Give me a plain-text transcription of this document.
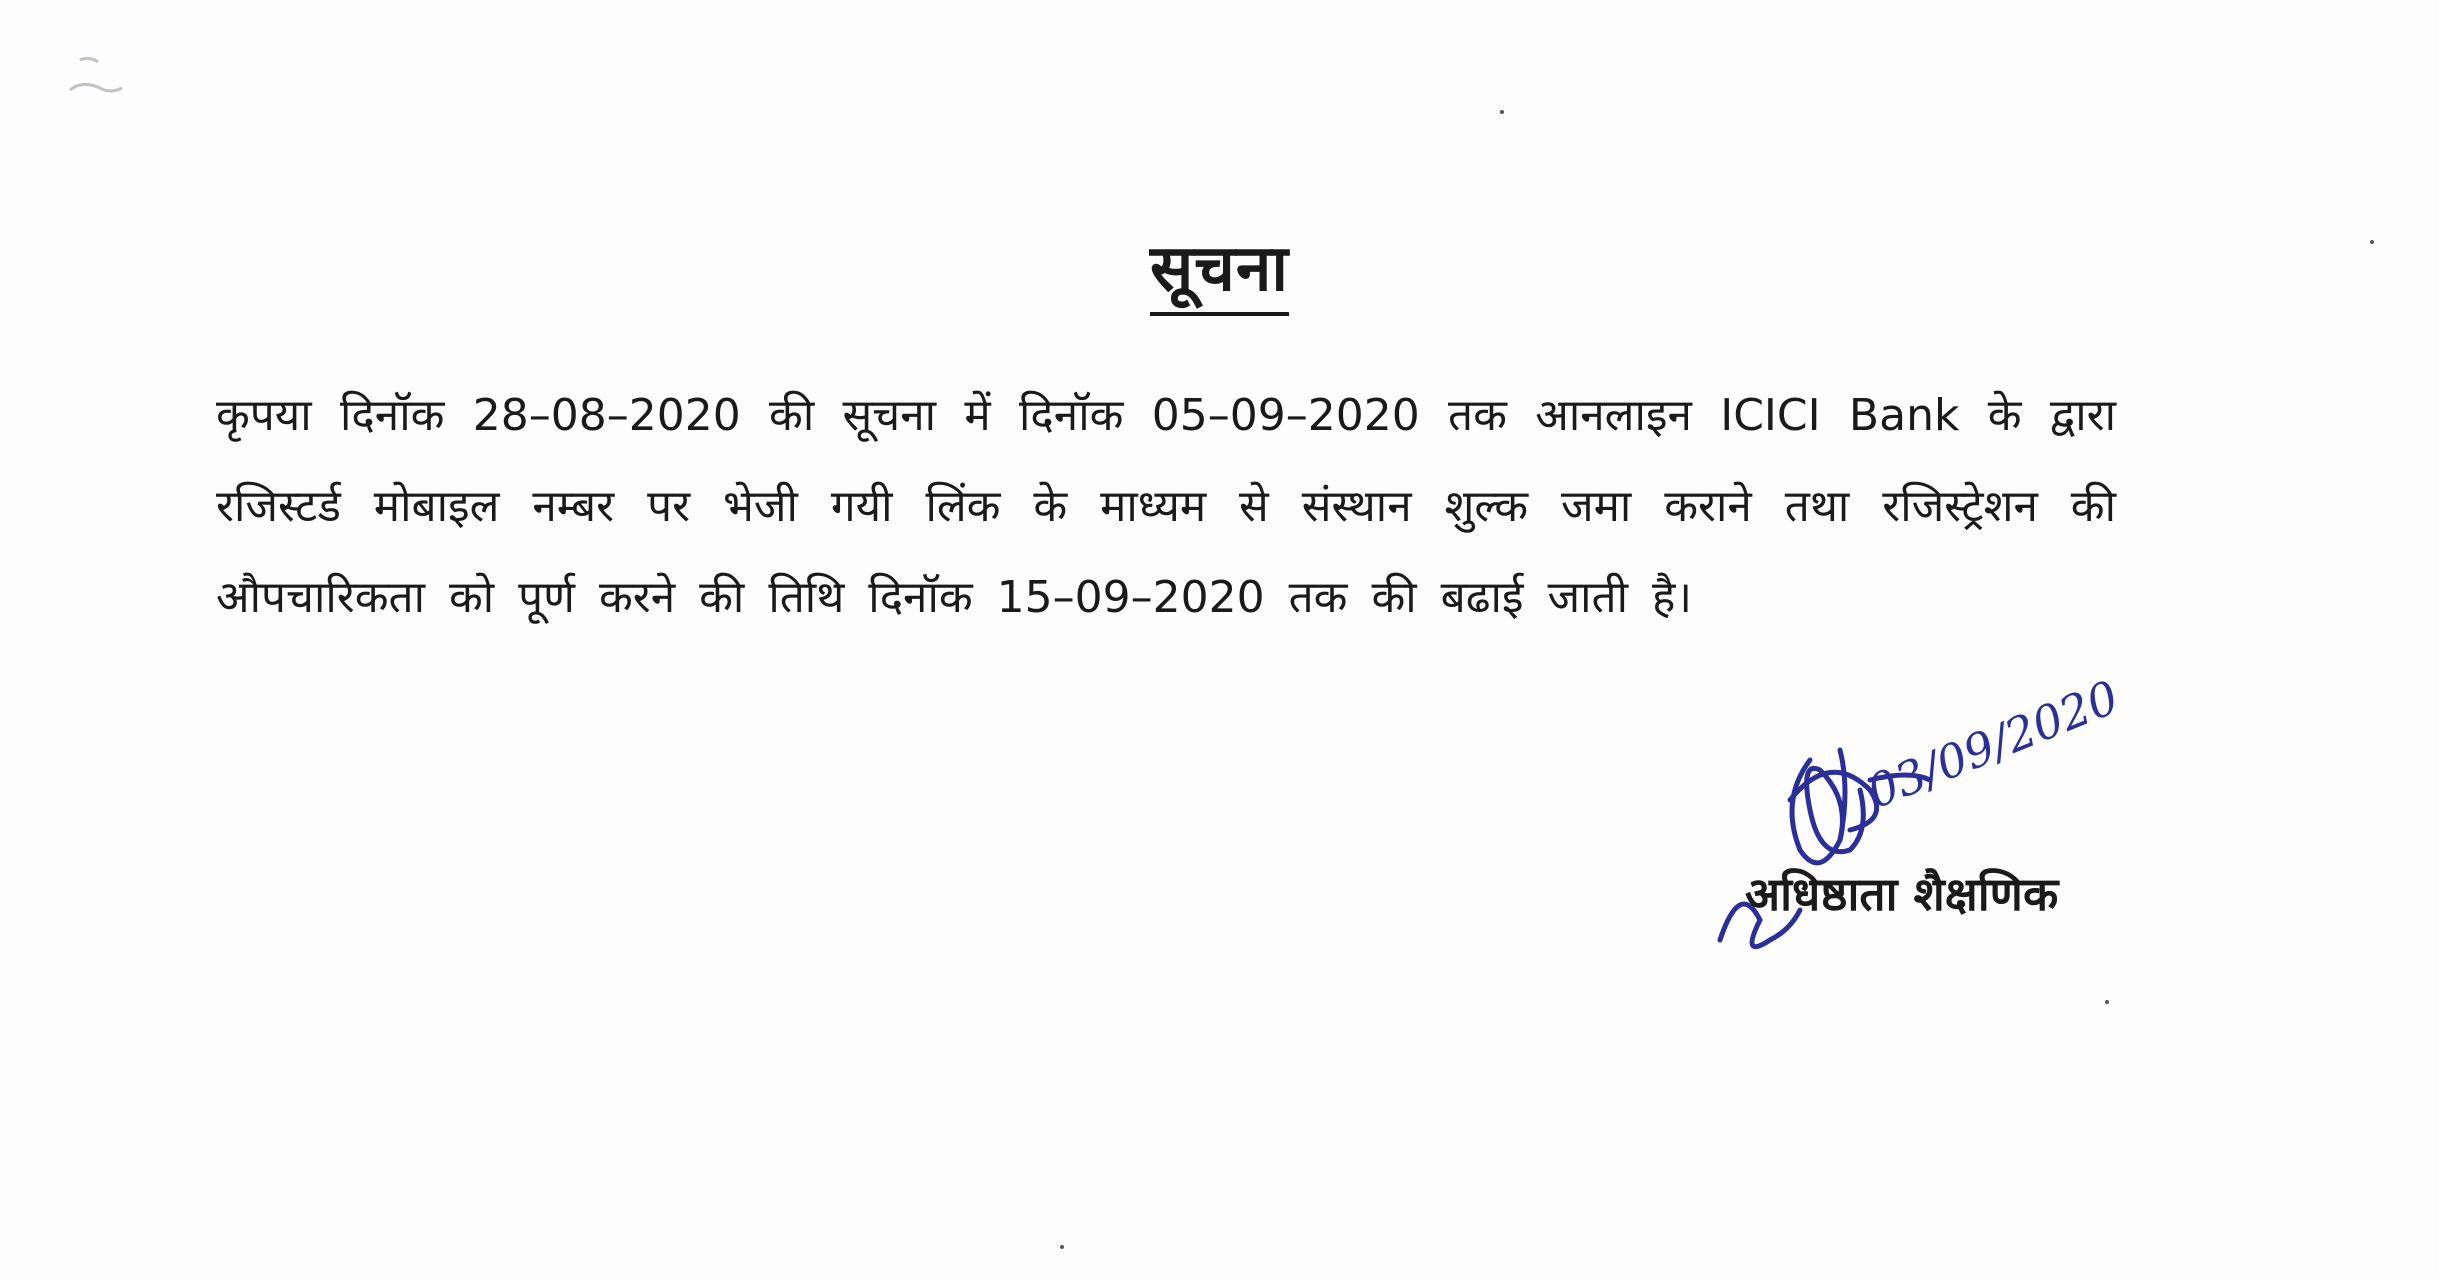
सूचना
कृपया दिनॉक 28–08–2020 की सूचना में दिनॉक 05–09–2020 तक आनलाइन ICICI Bank के द्वारा रजिस्टर्ड मोबाइल नम्बर पर भेजी गयी लिंक के माध्यम से संस्थान शुल्क जमा कराने तथा रजिस्ट्रेशन की औपचारिकता को पूर्ण करने की तिथि दिनॉक 15–09–2020 तक की बढाई जाती है।
03/09/2020
अधिष्ठाता शैक्षणिक
